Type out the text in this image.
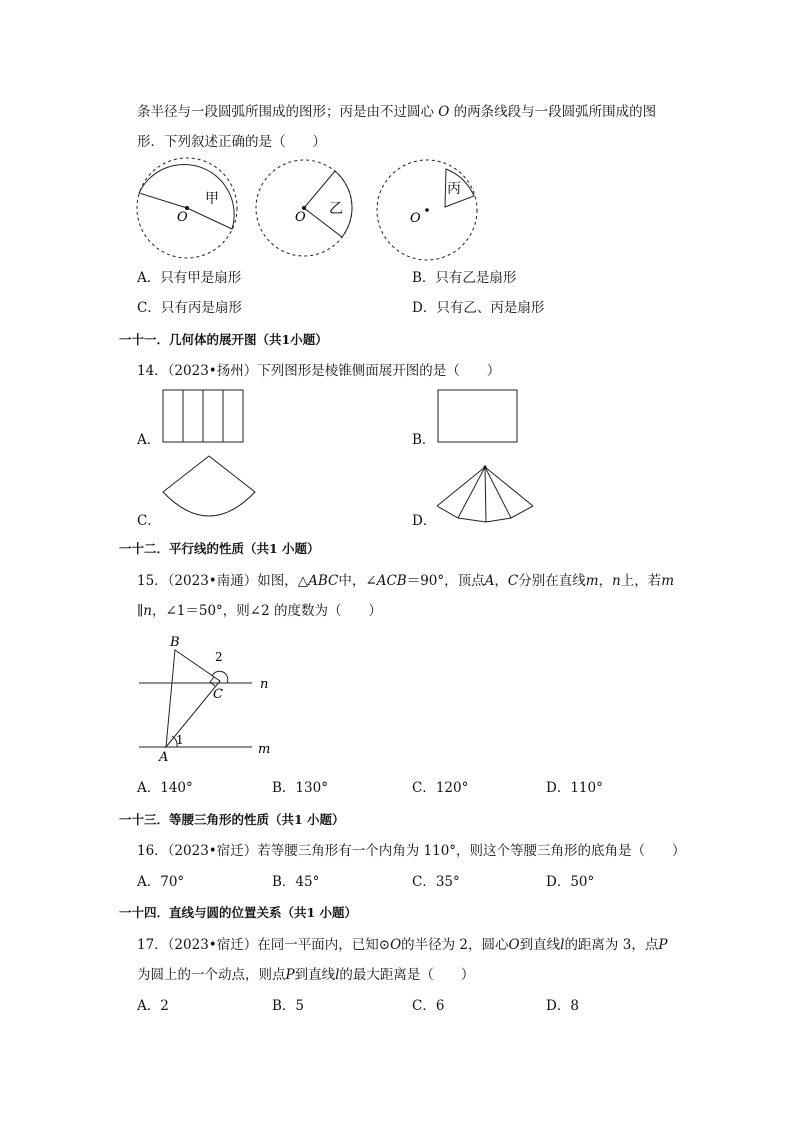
条半径与一段圆弧所围成的图形；丙是由不过圆心 O 的两条线段与一段圆弧所围成的图
形．下列叙述正确的是（　　）
甲
O
乙
O
丙
O
A．只有甲是扇形	B．只有乙是扇形
C．只有丙是扇形	D．只有乙、丙是扇形
一十一．几何体的展开图（共1小题）
14．（2023•扬州）下列图形是棱锥侧面展开图的是（　　）
A．	B．
C．	D．
一十二．平行线的性质（共1 小题）
15．（2023•南通）如图，△ABC中，∠ACB＝90°，顶点A，C分别在直线m，n上，若m
∥n，∠1＝50°，则∠2 的度数为（　　）
B
C
A
n
m
1
2
A．140°	B．130°	C．120°	D．110°
一十三．等腰三角形的性质（共1 小题）
16．（2023•宿迁）若等腰三角形有一个内角为 110°，则这个等腰三角形的底角是（　　）
A．70°	B．45°	C．35°	D．50°
一十四．直线与圆的位置关系（共1 小题）
17．（2023•宿迁）在同一平面内，已知⊙O的半径为 2，圆心O到直线l的距离为 3，点P
为圆上的一个动点，则点P到直线l的最大距离是（　　）
A．2	B．5	C．6	D．8
